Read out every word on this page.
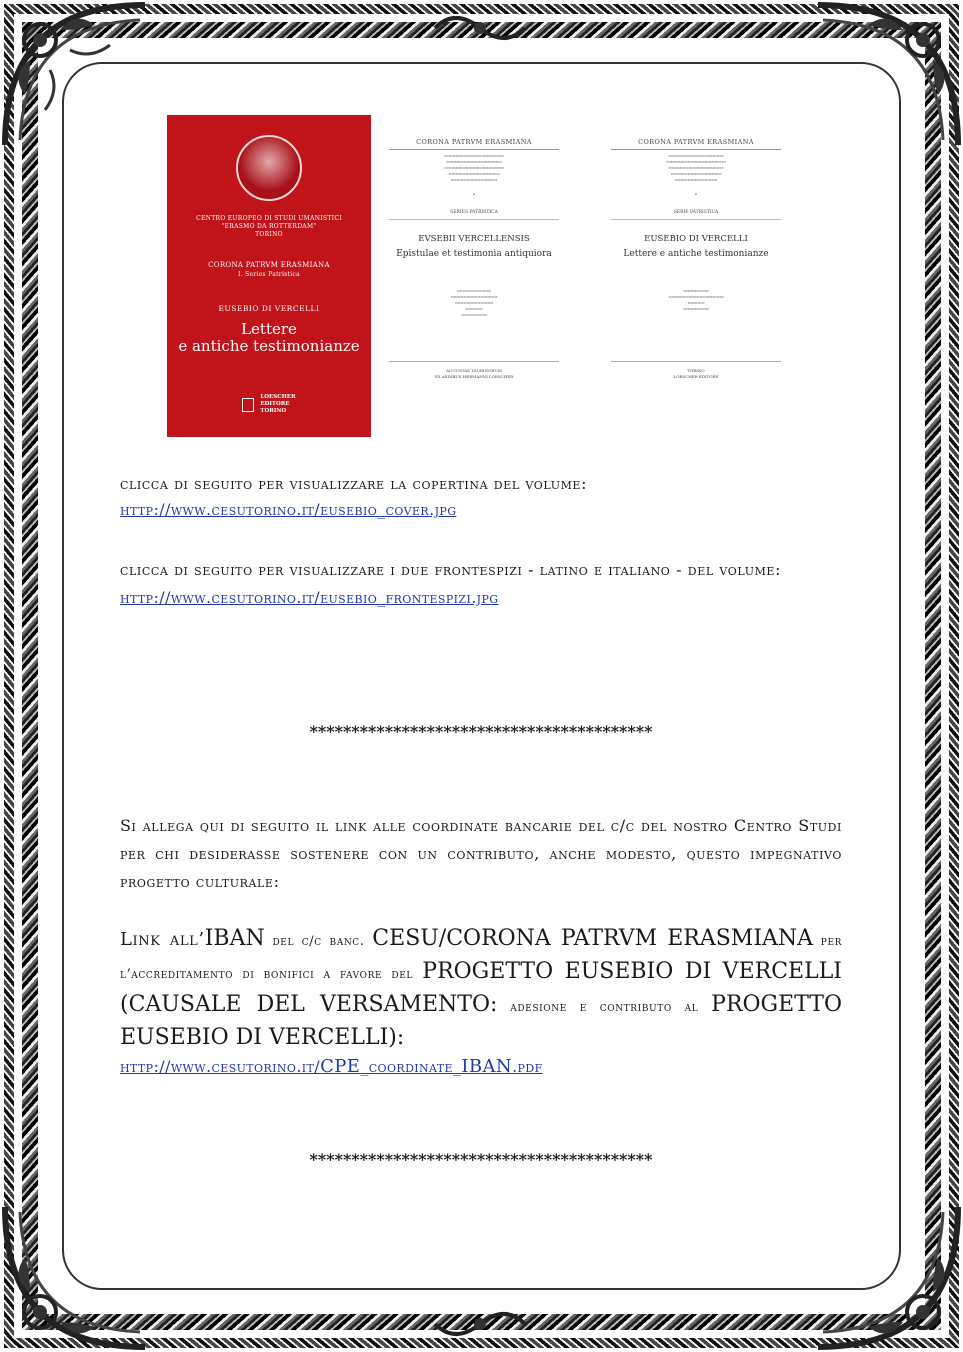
CENTRO EUROPEO DI STUDI UMANISTICI
"ERASMO DA ROTTERDAM"
TORINO
CORONA PATRVM ERASMIANA
I. Series Patristica
EUSEBIO DI VERCELLI
Lettere
e antiche testimonianze
LOESCHER
EDITORE
TORINO
CORONA PATRVM ERASMIANA
▭▭▭▭▭▭▭▭▭▭▭▭▭▭
▭▭▭▭▭▭▭▭▭▭▭▭▭
▭▭▭▭▭▭▭▭▭▭▭▭▭▭
▭▭▭▭▭▭▭▭▭▭▭▭
▭▭▭▭▭▭▭▭▭▭▭
•
SERIES PATRISTICA
EVSEBII VERCELLENSIS
Epistulae et testimonia antiquiora
▭▭▭▭▭▭▭▭
▭▭▭▭▭▭▭▭▭▭▭
▭▭▭▭▭▭▭▭▭
▭▭▭▭
▭▭▭▭▭▭
AUGUSTAE TAURINORUM
EX AEDIBUS HERMANNI LOESCHER
CORONA PATRVM ERASMIANA
▭▭▭▭▭▭▭▭▭▭▭▭▭
▭▭▭▭▭▭▭▭▭▭▭▭▭▭
▭▭▭▭▭▭▭▭▭▭▭▭▭
▭▭▭▭▭▭▭▭▭▭▭▭
▭▭▭▭▭▭▭▭▭▭
•
SERIE PATRISTICA
EUSEBIO DI VERCELLI
Lettere e antiche testimonianze
▭▭▭▭▭▭
▭▭▭▭▭▭▭▭▭▭▭▭▭
▭▭▭▭
▭▭▭▭▭▭
TORINO
LOESCHER EDITORE
clicca di seguito per visualizzare la copertina del volume:
http://www.cesutorino.it/eusebio_cover.jpg
clicca di seguito per visualizzare i due frontespizi - latino e italiano - del volume:
http://www.cesutorino.it/eusebio_frontespizi.jpg
*****************************************
Si allega qui di seguito il link alle coordinate bancarie del c/c del nostro Centro Studi per chi desiderasse sostenere con un contributo, anche modesto, questo impegnativo progetto culturale:
Link all’IBAN del c/c banc. CESU/CORONA PATRVM ERASMIANA per l’accreditamento di bonifici a favore del PROGETTO EUSEBIO DI VERCELLI (CAUSALE DEL VERSAMENTO: adesione e contributo al PROGETTO EUSEBIO DI VERCELLI):
http://www.cesutorino.it/CPE_coordinate_IBAN.pdf
*****************************************
